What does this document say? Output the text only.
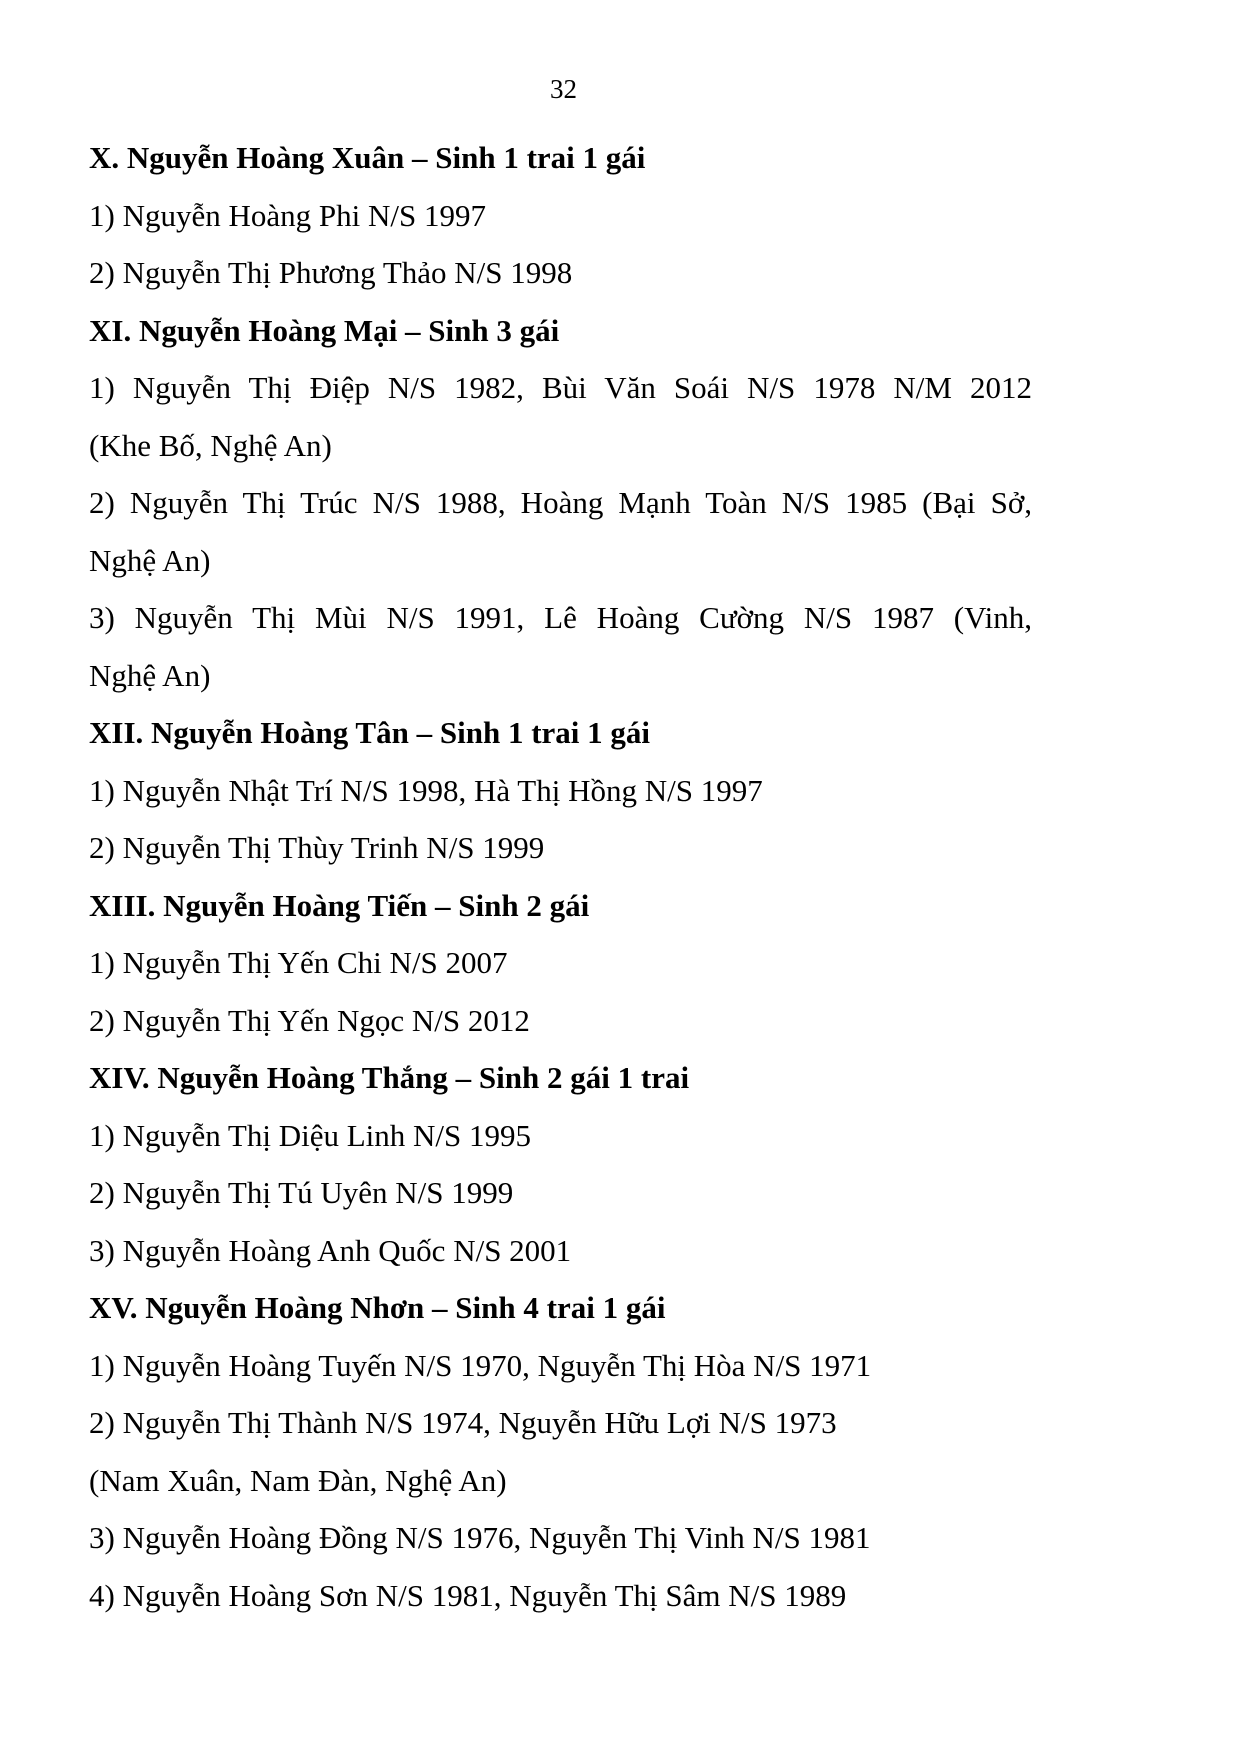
32
X. Nguyễn Hoàng Xuân – Sinh 1 trai 1 gái
1) Nguyễn Hoàng Phi N/S 1997
2) Nguyễn Thị Phương Thảo N/S 1998
XI. Nguyễn Hoàng Mại – Sinh 3 gái
1) Nguyễn Thị Điệp N/S 1982, Bùi Văn Soái N/S 1978 N/M 2012
(Khe Bố, Nghệ An)
2) Nguyễn Thị Trúc N/S 1988, Hoàng Mạnh Toàn N/S 1985 (Bại Sở,
Nghệ An)
3) Nguyễn Thị Mùi N/S 1991, Lê Hoàng Cường N/S 1987 (Vinh,
Nghệ An)
XII. Nguyễn Hoàng Tân – Sinh 1 trai 1 gái
1) Nguyễn Nhật Trí N/S 1998, Hà Thị Hồng N/S 1997
2) Nguyễn Thị Thùy Trinh N/S 1999
XIII. Nguyễn Hoàng Tiến – Sinh 2 gái
1) Nguyễn Thị Yến Chi N/S 2007
2) Nguyễn Thị Yến Ngọc N/S 2012
XIV. Nguyễn Hoàng Thắng – Sinh 2 gái 1 trai
1) Nguyễn Thị Diệu Linh N/S 1995
2) Nguyễn Thị Tú Uyên N/S 1999
3) Nguyễn Hoàng Anh Quốc N/S 2001
XV. Nguyễn Hoàng Nhơn – Sinh 4 trai 1 gái
1) Nguyễn Hoàng Tuyến N/S 1970, Nguyễn Thị Hòa N/S 1971
2) Nguyễn Thị Thành N/S 1974, Nguyễn Hữu Lợi N/S 1973
(Nam Xuân, Nam Đàn, Nghệ An)
3) Nguyễn Hoàng Đồng N/S 1976, Nguyễn Thị Vinh N/S 1981
4) Nguyễn Hoàng Sơn N/S 1981, Nguyễn Thị Sâm N/S 1989
